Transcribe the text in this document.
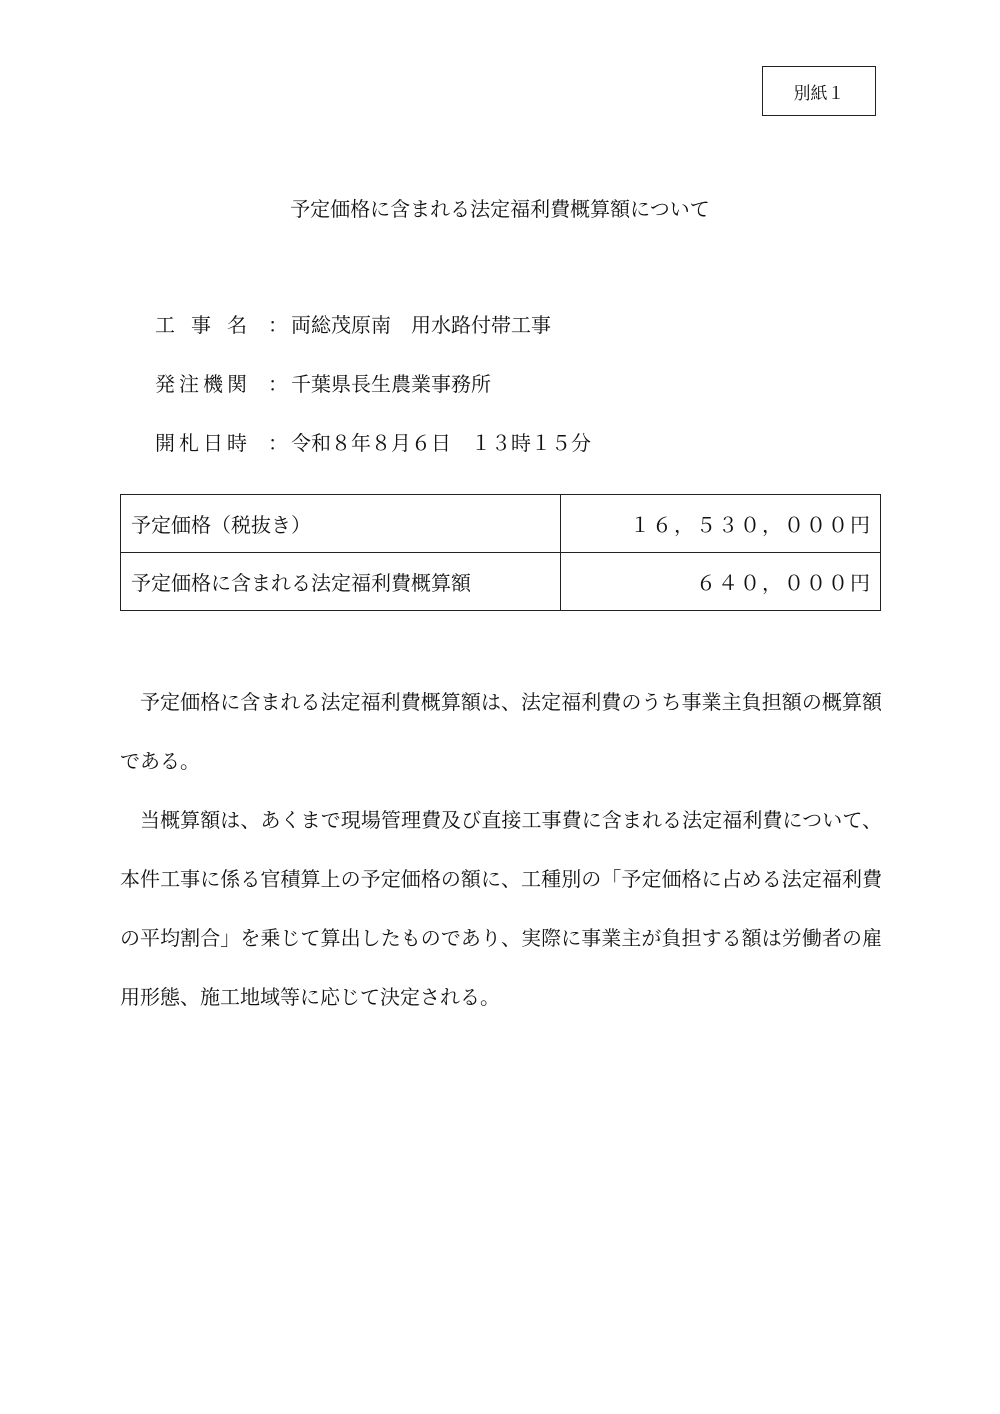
別紙１
予定価格に含まれる法定福利費概算額について
工 事 名 ： 両総茂原南　用水路付帯工事
発注機関 ： 千葉県長生農業事務所
開札日時 ： 令和８年８月６日　１３時１５分
予定価格（税抜き）	１６，５３０，０００円
予定価格に含まれる法定福利費概算額	６４０，０００円

予定価格に含まれる法定福利費概算額は、法定福利費のうち事業主負担額の概算額である。

当概算額は、あくまで現場管理費及び直接工事費に含まれる法定福利費について、本件工事に係る官積算上の予定価格の額に、工種別の「予定価格に占める法定福利費の平均割合」を乗じて算出したものであり、実際に事業主が負担する額は労働者の雇用形態、施工地域等に応じて決定される。
